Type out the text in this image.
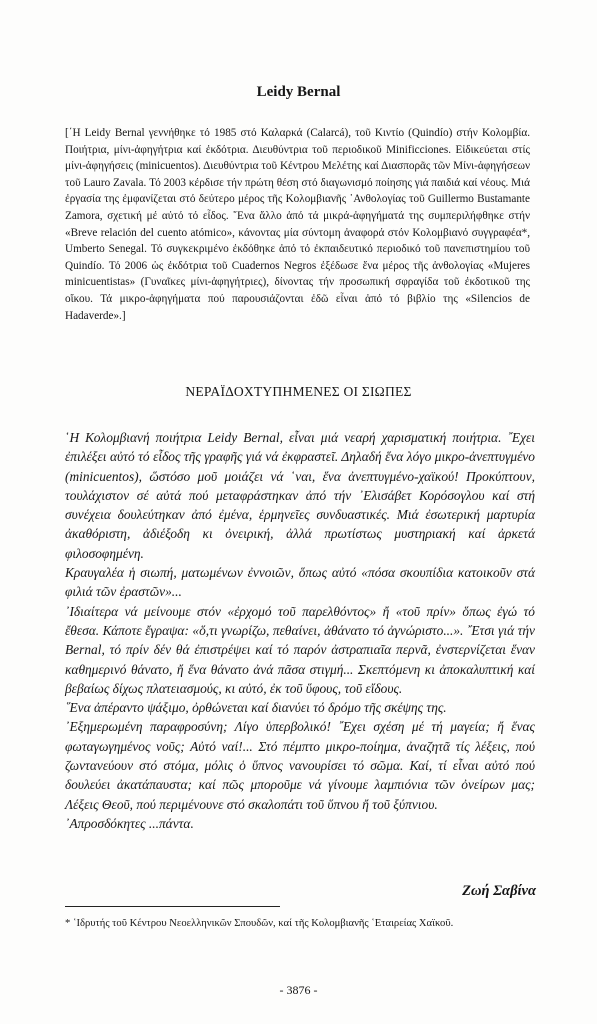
Leidy Bernal

[΄Η Leidy Bernal γεννήθηκε τό 1985 στό Καλαρκά (Calarcá), τοῦ Κιντίο (Quindío) στήν Κολομβία. Ποιήτρια, μίνι-ἀφηγήτρια καί ἐκδότρια. Διευθύντρια τοῦ περιοδικοῦ Minificciones. Εἰδικεύεται στίς μίνι-ἀφηγήσεις (minicuentos). Διευθύντρια τοῦ Κέντρου Μελέτης καί Διασπορᾶς τῶν Μίνι-ἀφηγήσεων τοῦ Lauro Zavala. Τό 2003 κέρδισε τήν πρώτη θέση στό διαγωνισμό ποίησης γιά παιδιά καί νέους. Μιά ἐργασία της ἐμφανίζεται στό δεύτερο μέρος τῆς Κολομβιανῆς ῾Ανθολογίας τοῦ Guillermo Bustamante Zamora, σχετική μέ αὐτό τό εἶδος. ῞Ενα ἄλλο ἀπό τά μικρά-ἀφηγήματά της συμπεριλήφθηκε στήν «Breve relación del cuento atómico», κάνοντας μία σύντομη ἀναφορά στόν Κολομβιανό συγγραφέα*, Umberto Senegal. Τό συγκεκριμένο ἐκδόθηκε ἀπό τό ἐκπαιδευτικό περιοδικό τοῦ πανεπιστημίου τοῦ Quindío. Τό 2006 ὡς ἐκδότρια τοῦ Cuadernos Negros ἐξέδωσε ἕνα μέρος τῆς ἀνθολογίας «Mujeres minicuentistas» (Γυναῖκες μίνι-ἀφηγήτριες), δίνοντας τήν προσωπική σφραγίδα τοῦ ἐκδοτικοῦ της οἴκου. Τά μικρο-ἀφηγήματα πού παρουσιάζονται ἐδῶ εἶναι ἀπό τό βιβλίο της «Silencios de Hadaverde».]

ΝΕΡΑΪΔΟΧΤΥΠΗΜΕΝΕΣ ΟΙ ΣΙΩΠΕΣ

῾Η Κολομβιανή ποιήτρια Leidy Bernal, εἶναι μιά νεαρή χαρισματική ποιήτρια. ῎Εχει ἐπιλέξει αὐτό τό εἶδος τῆς γραφῆς γιά νά ἐκφραστεῖ. Δηλαδή ἕνα λόγο μικρο-ἀνεπτυγμένο (minicuentos), ὥστόσο μοῦ μοιάζει νά ῾ναι, ἕνα ἀνεπτυγμένο-χαϊκού! Προκύπτουν, τουλάχιστον σέ αὐτά πού μεταφράστηκαν ἀπό τήν ᾿Ελισάβετ Κορόσογλου καί στή συνέχεια δουλεύτηκαν ἀπό ἐμένα, ἑρμηνεῖες συνδυαστικές. Μιά ἐσωτερική μαρτυρία ἀκαθόριστη, ἀδιέξοδη κι ὀνειρική, ἀλλά πρωτίστως μυστηριακή καί ἀρκετά φιλοσοφημένη.

Κραυγαλέα ἡ σιωπή, ματωμένων ἐννοιῶν, ὅπως αὐτό «πόσα σκουπίδια κατοικοῦν στά φιλιά τῶν ἐραστῶν»...

᾿Ιδιαίτερα νά μείνουμε στόν «ἐρχομό τοῦ παρελθόντος» ἤ «τοῦ πρίν» ὅπως ἐγώ τό ἔθεσα. Κάποτε ἔγραψα: «ὅ,τι γνωρίζω, πεθαίνει, ἀθάνατο τό ἀγνώριστο...». ῎Ετσι γιά τήν Bernal, τό πρίν δέν θά ἐπιστρέψει καί τό παρόν ἀστραπιαῖα περνᾶ, ἐνστερνίζεται ἕναν καθημερινό θάνατο, ἤ ἕνα θάνατο ἀνά πᾶσα στιγμή... Σκεπτόμενη κι ἀποκαλυπτική καί βεβαίως δίχως πλατειασμούς, κι αὐτό, ἐκ τοῦ ὕφους, τοῦ εἴδους.

῞Ενα ἀπέραντο ψάξιμο, ὀρθώνεται καί διανύει τό δρόμο τῆς σκέψης της.

᾿Εξημερωμένη παραφροσύνη; Λίγο ὑπερβολικό! ῎Εχει σχέση μέ τή μαγεία; ἤ ἕνας φωταγωγημένος νοῦς; Αὐτό ναί!... Στό πέμπτο μικρο-ποίημα, ἀναζητᾶ τίς λέξεις, πού ζωντανεύουν στό στόμα, μόλις ὁ ὕπνος νανουρίσει τό σῶμα. Καί, τί εἶναι αὐτό πού δουλεύει ἀκατάπαυστα; καί πῶς μποροῦμε νά γίνουμε λαμπιόνια τῶν ὀνείρων μας; Λέξεις Θεοῦ, πού περιμένουνε στό σκαλοπάτι τοῦ ὕπνου ἤ τοῦ ξύπνιου.

᾿Απροσδόκητες ...πάντα.

Ζωή Σαβίνα
* ῾Ιδρυτής τοῦ Κέντρου Νεοελληνικῶν Σπουδῶν, καί τῆς Κολομβιανῆς ῾Εταιρείας Χαϊκοῦ.
- 3876 -
